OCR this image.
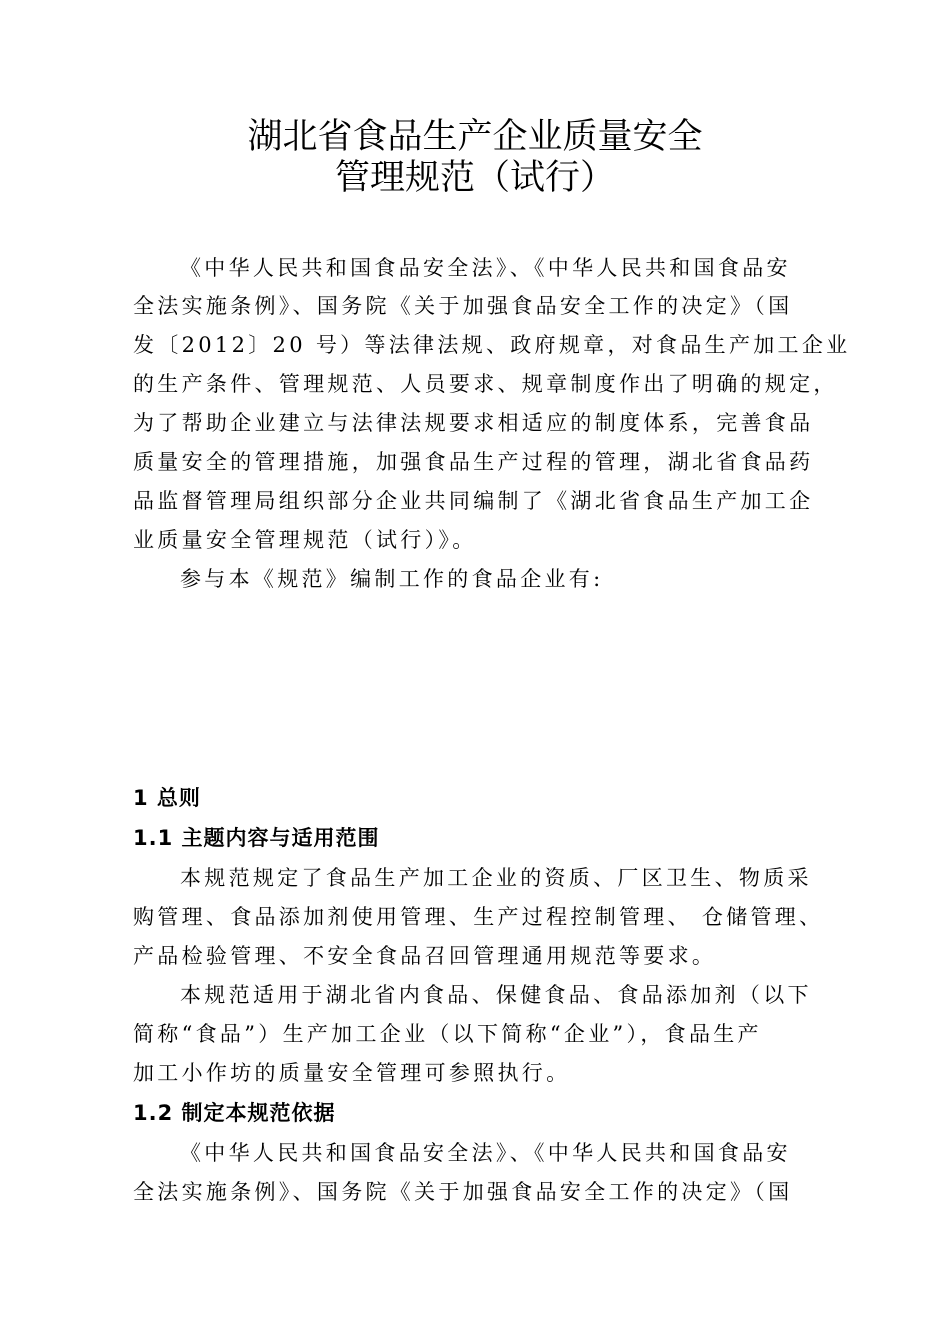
湖北省食品生产企业质量安全
管理规范（试行）
《中华人民共和国食品安全法》、《中华人民共和国食品安
全法实施条例》、国务院《关于加强食品安全工作的决定》（国
发〔2012〕20 号）等法律法规、政府规章，对食品生产加工企业
的生产条件、管理规范、人员要求、规章制度作出了明确的规定，
为了帮助企业建立与法律法规要求相适应的制度体系，完善食品
质量安全的管理措施，加强食品生产过程的管理，湖北省食品药
品监督管理局组织部分企业共同编制了《湖北省食品生产加工企
业质量安全管理规范（试行）》。
参与本《规范》编制工作的食品企业有:
1 总则
1.1 主题内容与适用范围
本规范规定了食品生产加工企业的资质、厂区卫生、物质采
购管理、食品添加剂使用管理、生产过程控制管理、 仓储管理、
产品检验管理、不安全食品召回管理通用规范等要求。
本规范适用于湖北省内食品、保健食品、食品添加剂（以下
简称“食品”）生产加工企业（以下简称“企业”），食品生产
加工小作坊的质量安全管理可参照执行。
1.2 制定本规范依据
《中华人民共和国食品安全法》、《中华人民共和国食品安
全法实施条例》、国务院《关于加强食品安全工作的决定》（国
